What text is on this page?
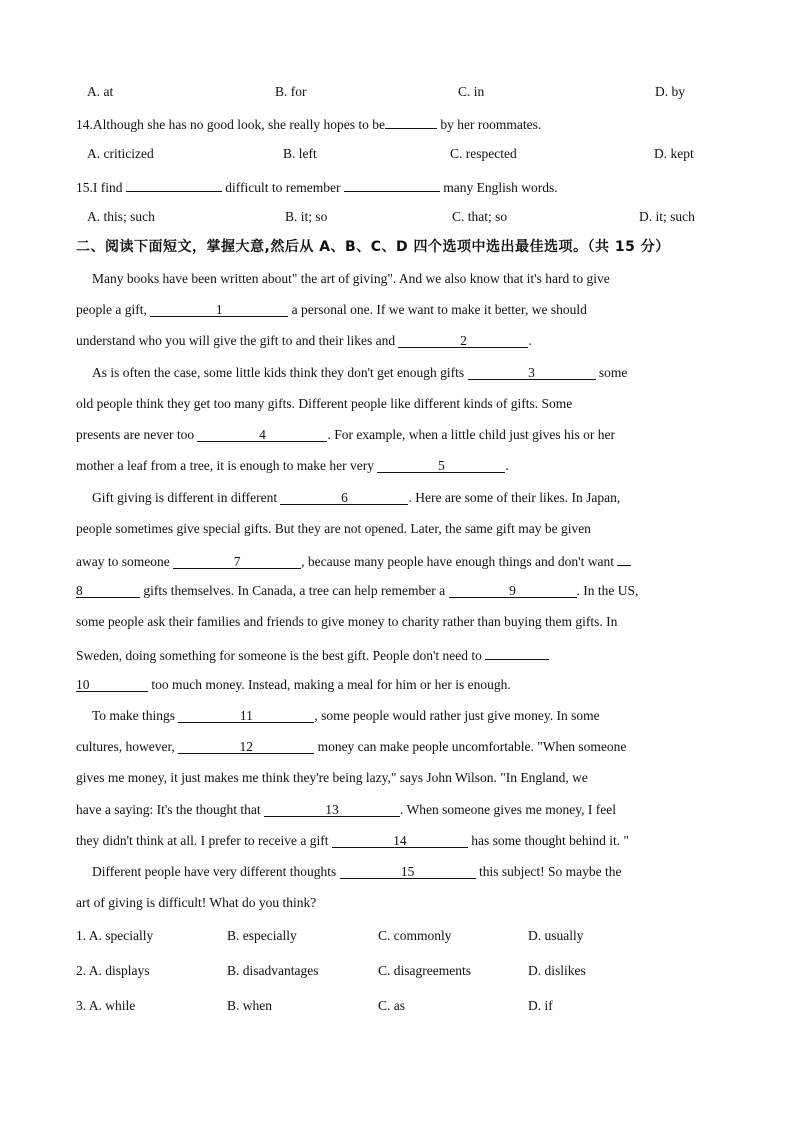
A. at	B. for	C. in	D. by
14.Although she has no good look, she really hopes to be	by her roommates.
A. criticized	B. left	C. respected	D. kept
15.I find	difficult to remember	many English words.
A. this; such	B. it; so	C. that; so	D. it; such
二、阅读下面短文，掌握大意,然后从 A、B、C、D 四个选项中选出最佳选项。（共 15 分）
Many books have been written about" the art of giving". And we also know that it's hard to give
people a gift,	1	a personal one. If we want to make it better, we should
understand who you will give the gift to and their likes and	2	.
As is often the case, some little kids think they don't get enough gifts	3	some
old people think they get too many gifts. Different people like different kinds of gifts. Some
presents are never too	4	. For example, when a little child just gives his or her
mother a leaf from a tree, it is enough to make her very	5	.
Gift giving is different in different	6	. Here are some of their likes. In Japan,
people sometimes give special gifts. But they are not opened. Later, the same gift may be given
away to someone	7	, because many people have enough things and don't want
8	gifts themselves. In Canada, a tree can help remember a	9	. In the US,
some people ask their families and friends to give money to charity rather than buying them gifts. In
Sweden, doing something for someone is the best gift. People don't need to
10	too much money. Instead, making a meal for him or her is enough.
To make things	11	, some people would rather just give money. In some
cultures, however,	12	money can make people uncomfortable. "When someone
gives me money, it just makes me think they're being lazy," says John Wilson. "In England, we
have a saying: It's the thought that	13	. When someone gives me money, I feel
they didn't think at all. I prefer to receive a gift	14	has some thought behind it. "
Different people have very different thoughts	15	this subject! So maybe the
art of giving is difficult! What do you think?
1. A. specially	B. especially	C. commonly	D. usually
2. A. displays	B. disadvantages	C. disagreements	D. dislikes
3. A. while	B. when	C. as	D. if
